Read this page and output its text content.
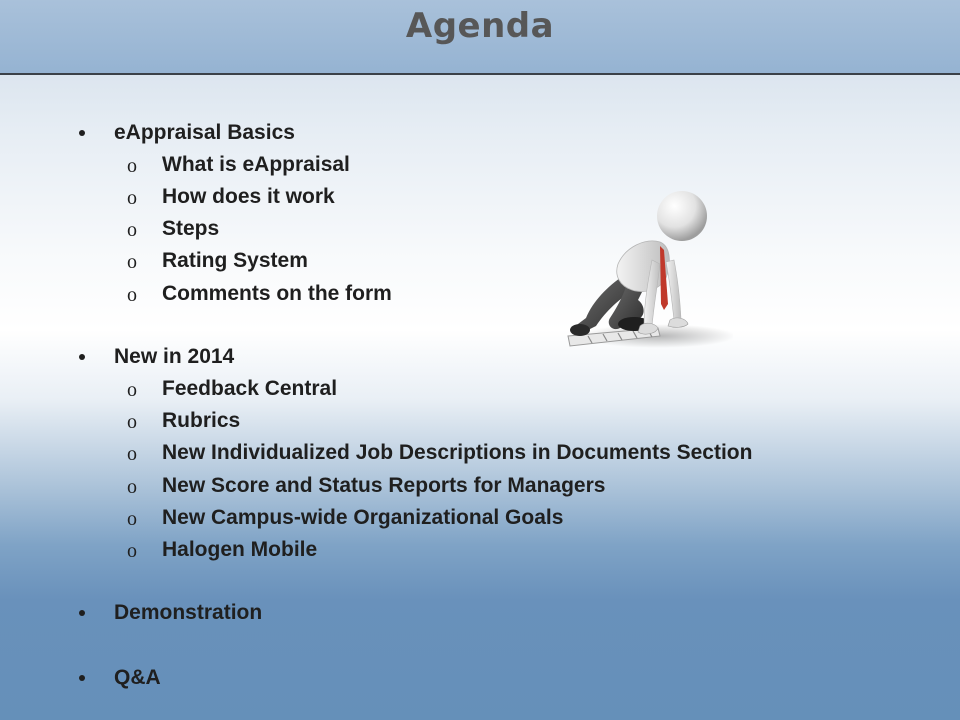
Agenda
eAppraisal Basics
o What is eAppraisal
o How does it work
o Steps
o Rating System
o Comments on the form
New in 2014
o Feedback Central
o Rubrics
o New Individualized Job Descriptions in Documents Section
o New Score and Status Reports for Managers
o New Campus-wide Organizational Goals
o Halogen Mobile
Demonstration
Q&A
